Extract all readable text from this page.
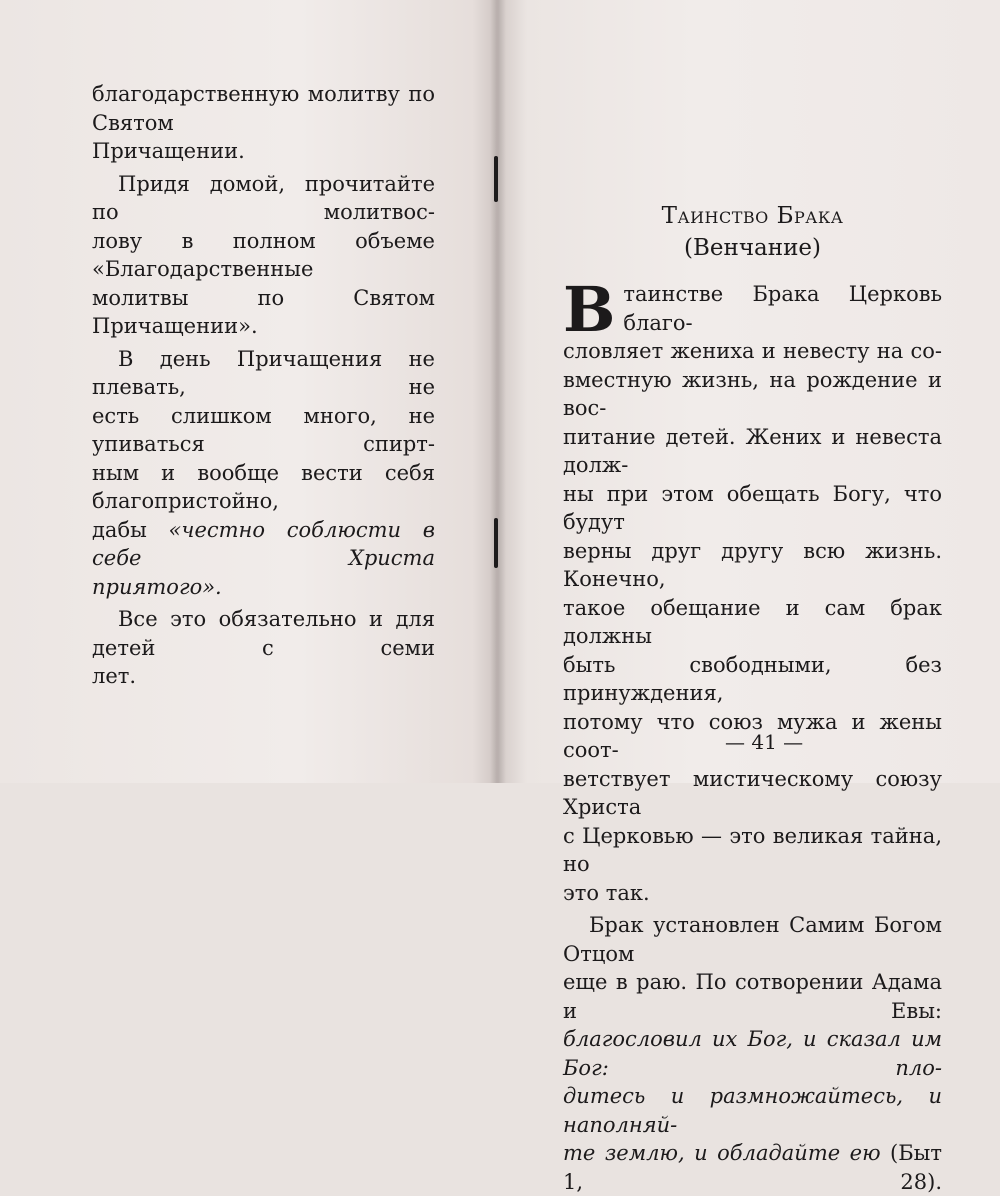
благодарственную молитву по Святом
Причащении.

Придя домой, прочитайте по молитвос-
лову в полном объеме «Благодарственные
молитвы по Святом Причащении».

В день Причащения не плевать, не
есть слишком много, не упиваться спирт-
ным и вообще вести себя благопристойно,
дабы «честно соблюсти в себе Христа
приятого».

Все это обязательно и для детей с семи
лет.

— 41 —
Таинство Брака
(Венчание)
В таинстве Брака Церковь благо-
словляет жениха и невесту на со-
вместную жизнь, на рождение и вос-
питание детей. Жених и невеста долж-
ны при этом обещать Богу, что будут
верны друг другу всю жизнь. Конечно,
такое обещание и сам брак должны
быть свободными, без принуждения,
потому что союз мужа и жены соот-
ветствует мистическому союзу Христа
с Церковью — это великая тайна, но
это так.
Брак установлен Самим Богом Отцом
еще в раю. По сотворении Адама и Евы:
благословил их Бог, и сказал им Бог: пло-
дитесь и размножайтесь, и наполняй-
те землю, и обладайте ею (Быт 1, 28).
